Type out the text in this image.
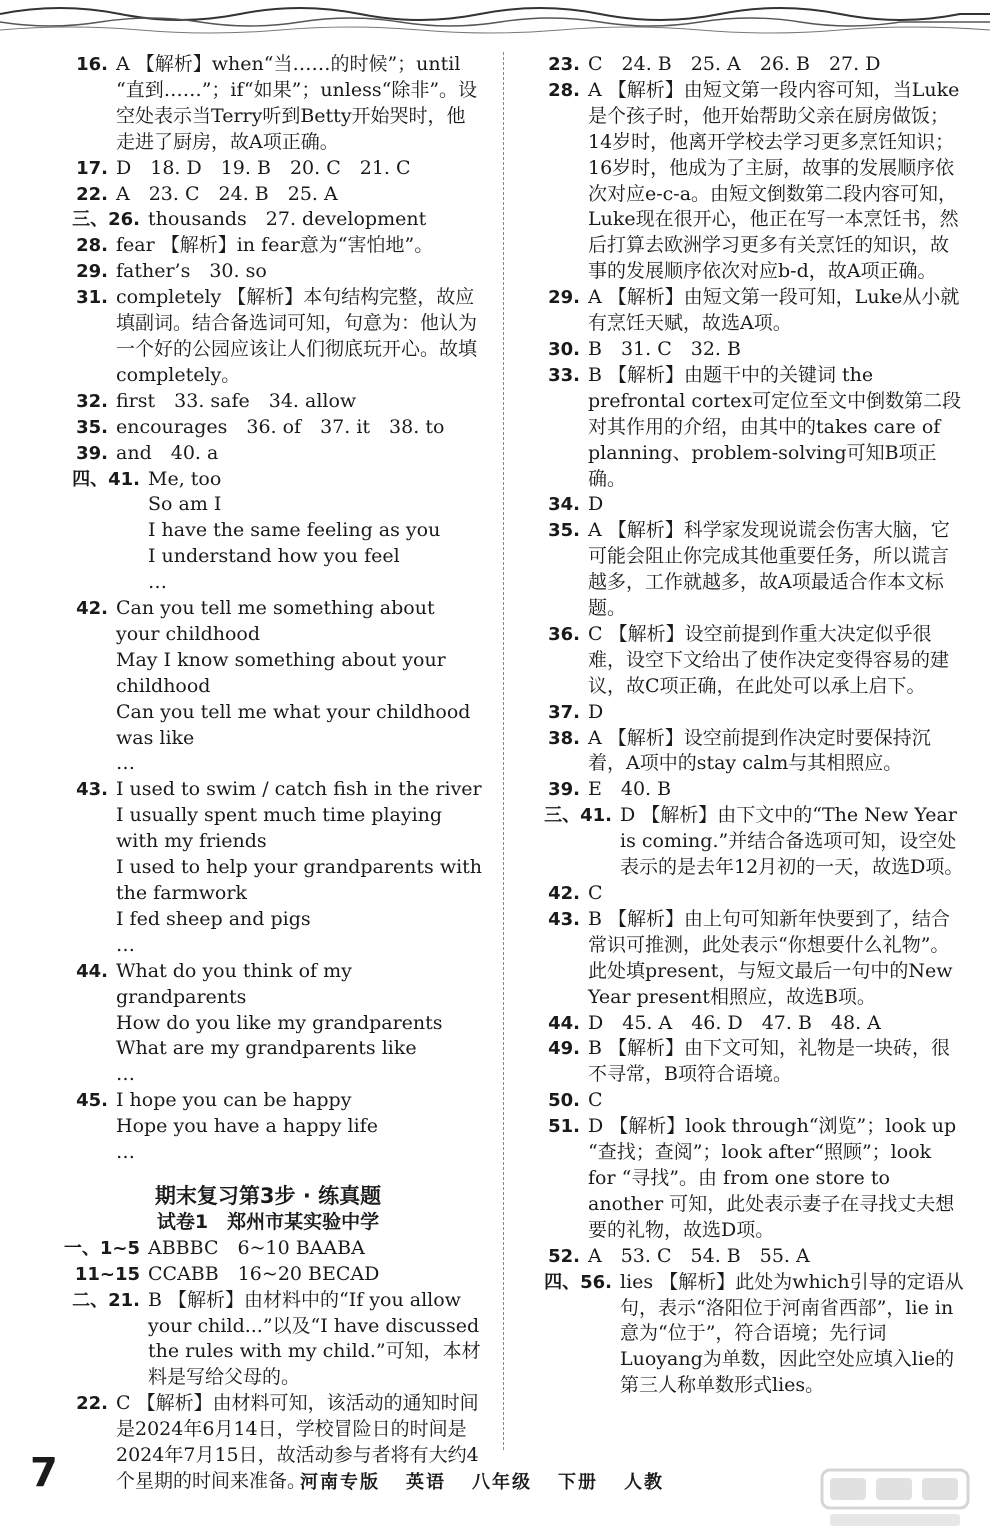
16. A 【解析】when“当……的时候”；until “直到……”；if“如果”；unless“除非”。设空处表示当Terry听到Betty开始哭时，他走进了厨房，故A项正确。
17. D　18. D　19. B　20. C　21. C
22. A　23. C　24. B　25. A
三、26. thousands　27. development
28. fear 【解析】in fear意为“害怕地”。
29. father’s　30. so
31. completely 【解析】本句结构完整，故应填副词。结合备选词可知，句意为：他认为一个好的公园应该让人们彻底玩开心。故填completely。
32. first　33. safe　34. allow
35. encourages　36. of　37. it　38. to
39. and　40. a
四、41. Me, too
So am I
I have the same feeling as you
I understand how you feel
…
42. Can you tell me something about your childhood
May I know something about your childhood
Can you tell me what your childhood was like
…
43. I used to swim / catch fish in the river
I usually spent much time playing with my friends
I used to help your grandparents with the farmwork
I fed sheep and pigs
…
44. What do you think of my grandparents
How do you like my grandparents
What are my grandparents like
…
45. I hope you can be happy
Hope you have a happy life
…
期末复习第3步 · 练真题
试卷1　郑州市某实验中学
一、1~5 ABBBC　6~10 BAABA
11~15 CCABB　16~20 BECAD
二、21. B 【解析】由材料中的“If you allow your child...”以及“I have discussed the rules with my child.”可知，本材料是写给父母的。
22. C 【解析】由材料可知，该活动的通知时间是2024年6月14日，学校冒险日的时间是2024年7月15日，故活动参与者将有大约4个星期的时间来准备。
23. C　24. B　25. A　26. B　27. D
28. A 【解析】由短文第一段内容可知，当Luke是个孩子时，他开始帮助父亲在厨房做饭；14岁时，他离开学校去学习更多烹饪知识；16岁时，他成为了主厨，故事的发展顺序依次对应e-c-a。由短文倒数第二段内容可知，Luke现在很开心，他正在写一本烹饪书，然后打算去欧洲学习更多有关烹饪的知识，故事的发展顺序依次对应b-d，故A项正确。
29. A 【解析】由短文第一段可知，Luke从小就有烹饪天赋，故选A项。
30. B　31. C　32. B
33. B 【解析】由题干中的关键词 the prefrontal cortex可定位至文中倒数第二段对其作用的介绍，由其中的takes care of planning、problem-solving可知B项正确。
34. D
35. A 【解析】科学家发现说谎会伤害大脑，它可能会阻止你完成其他重要任务，所以谎言越多，工作就越多，故A项最适合作本文标题。
36. C 【解析】设空前提到作重大决定似乎很难，设空下文给出了使作决定变得容易的建议，故C项正确，在此处可以承上启下。
37. D
38. A 【解析】设空前提到作决定时要保持沉着，A项中的stay calm与其相照应。
39. E　40. B
三、41. D 【解析】由下文中的“The New Year is coming.”并结合备选项可知，设空处表示的是去年12月初的一天，故选D项。
42. C
43. B 【解析】由上句可知新年快要到了，结合常识可推测，此处表示“你想要什么礼物”。此处填present，与短文最后一句中的New Year present相照应，故选B项。
44. D　45. A　46. D　47. B　48. A
49. B 【解析】由下文可知，礼物是一块砖，很不寻常，B项符合语境。
50. C
51. D 【解析】look through“浏览”；look up “查找；查阅”；look after“照顾”；look for “寻找”。由 from one store to another 可知，此处表示妻子在寻找丈夫想要的礼物，故选D项。
52. A　53. C　54. B　55. A
四、56. lies 【解析】此处为which引导的定语从句，表示“洛阳位于河南省西部”，lie in意为“位于”，符合语境；先行词Luoyang为单数，因此空处应填入lie的第三人称单数形式lies。
7	河南专版 英语 八年级 下册 人教
